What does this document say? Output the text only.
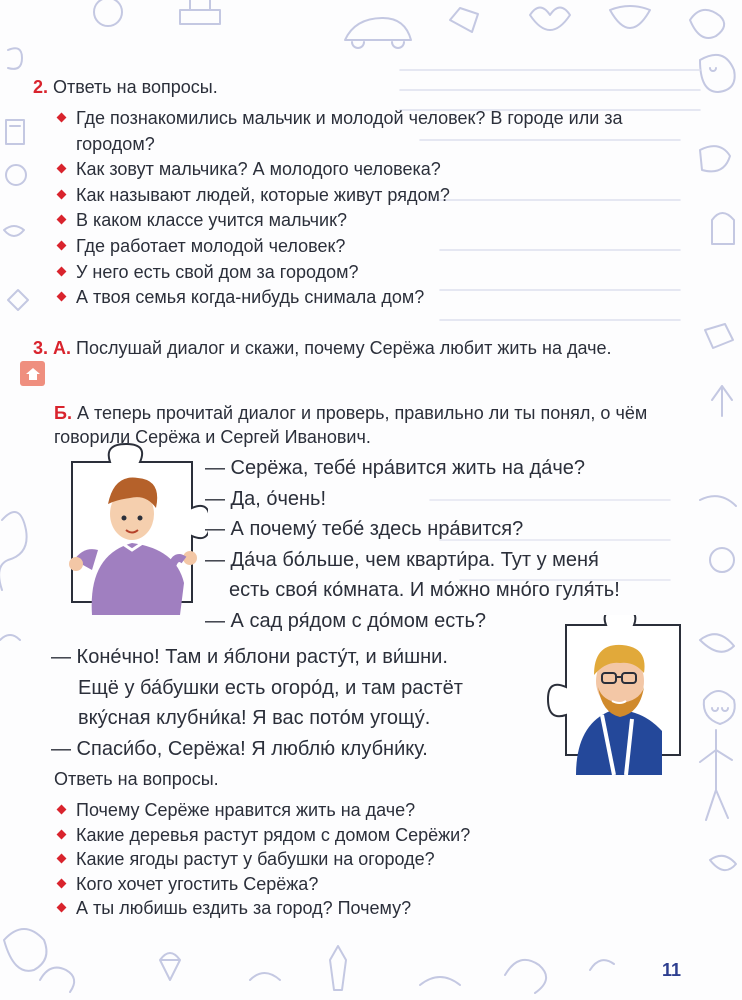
2. Ответь на вопросы.
Где познакомились мальчик и молодой человек? В городе или за городом?
Как зовут мальчика? А молодого человека?
Как называют людей, которые живут рядом?
В каком классе учится мальчик?
Где работает молодой человек?
У него есть свой дом за городом?
А твоя семья когда-нибудь снимала дом?
3. А. Послушай диалог и скажи, почему Серёжа любит жить на даче.
Б. А теперь прочитай диалог и проверь, правильно ли ты понял, о чём говорили Серёжа и Сергей Иванович.
— Серёжа, тебе́ нра́вится жить на да́че?
— Да, о́чень!
— А почему́ тебе́ здесь нра́вится?
— Да́ча бо́льше, чем кварти́ра. Тут у меня́
есть своя́ ко́мната. И мо́жно мно́го гуля́ть!
— А сад ря́дом с до́мом есть?
— Коне́чно! Там и я́блони расту́т, и ви́шни.
Ещё у ба́бушки есть огоро́д, и там растёт
вку́сная клубни́ка! Я вас пото́м угощу́.
— Спаси́бо, Серёжа! Я люблю́ клубни́ку.
Ответь на вопросы.
Почему Серёже нравится жить на даче?
Какие деревья растут рядом с домом Серёжи?
Какие ягоды растут у бабушки на огороде?
Кого хочет угостить Серёжа?
А ты любишь ездить за город? Почему?
11
